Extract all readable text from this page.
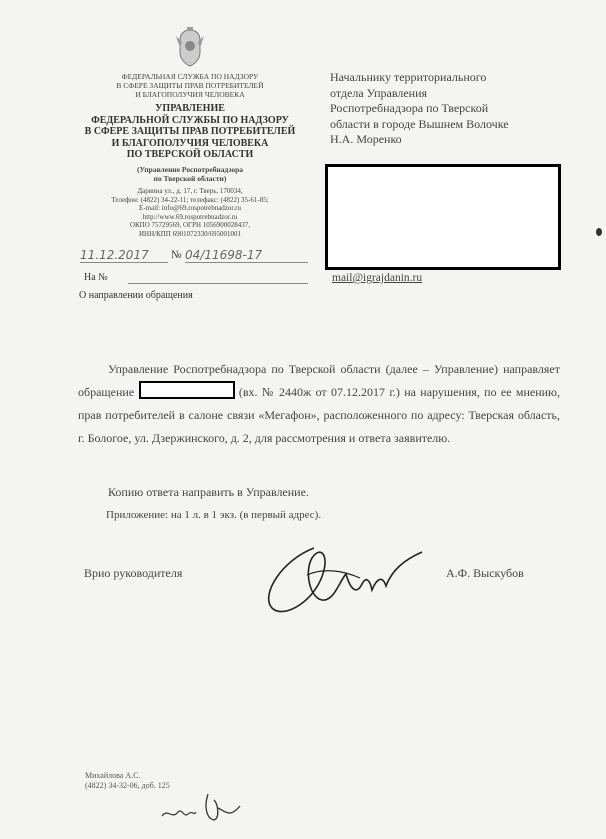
ФЕДЕРАЛЬНАЯ СЛУЖБА ПО НАДЗОРУ
В СФЕРЕ ЗАЩИТЫ ПРАВ ПОТРЕБИТЕЛЕЙ
И БЛАГОПОЛУЧИЯ ЧЕЛОВЕКА
УПРАВЛЕНИЕ
ФЕДЕРАЛЬНОЙ СЛУЖБЫ ПО НАДЗОРУ
В СФЕРЕ ЗАЩИТЫ ПРАВ ПОТРЕБИТЕЛЕЙ
И БЛАГОПОЛУЧИЯ ЧЕЛОВЕКА
ПО ТВЕРСКОЙ ОБЛАСТИ
(Управление Роспотребнадзора
по Тверской области)
Дарвина ул., д. 17, г. Тверь, 170034,
Телефон: (4822) 34-22-11; телефакс: (4822) 35-61-85;
E-mail: info@69.rospotrebnadzor.ru
http://www.69.rospotrebnadzor.ru
ОКПО 75729569, ОГРН 1056900028437,
ИНН/КПП 6901072330/695001001
11.12.2017	№ 04/11698-17
На №
О направлении обращения
Начальнику территориального
отдела Управления
Роспотребнадзора по Тверской
области в городе Вышнем Волочке
Н.А. Моренко
mail@igrajdanin.ru
Управление Роспотребнадзора по Тверской области (далее – Управление) направляет обращение	(вх. № 2440ж от 07.12.2017 г.) на нарушения, по ее мнению, прав потребителей в салоне связи «Мегафон», расположенного по адресу: Тверская область, г. Бологое, ул. Дзержинского, д. 2, для рассмотрения и ответа заявителю.
Копию ответа направить в Управление.
Приложение: на 1 л. в 1 экз. (в первый адрес).
Врио руководителя	А.Ф. Выскубов
Михайлова А.С.
(4822) 34-32-06, доб. 125
